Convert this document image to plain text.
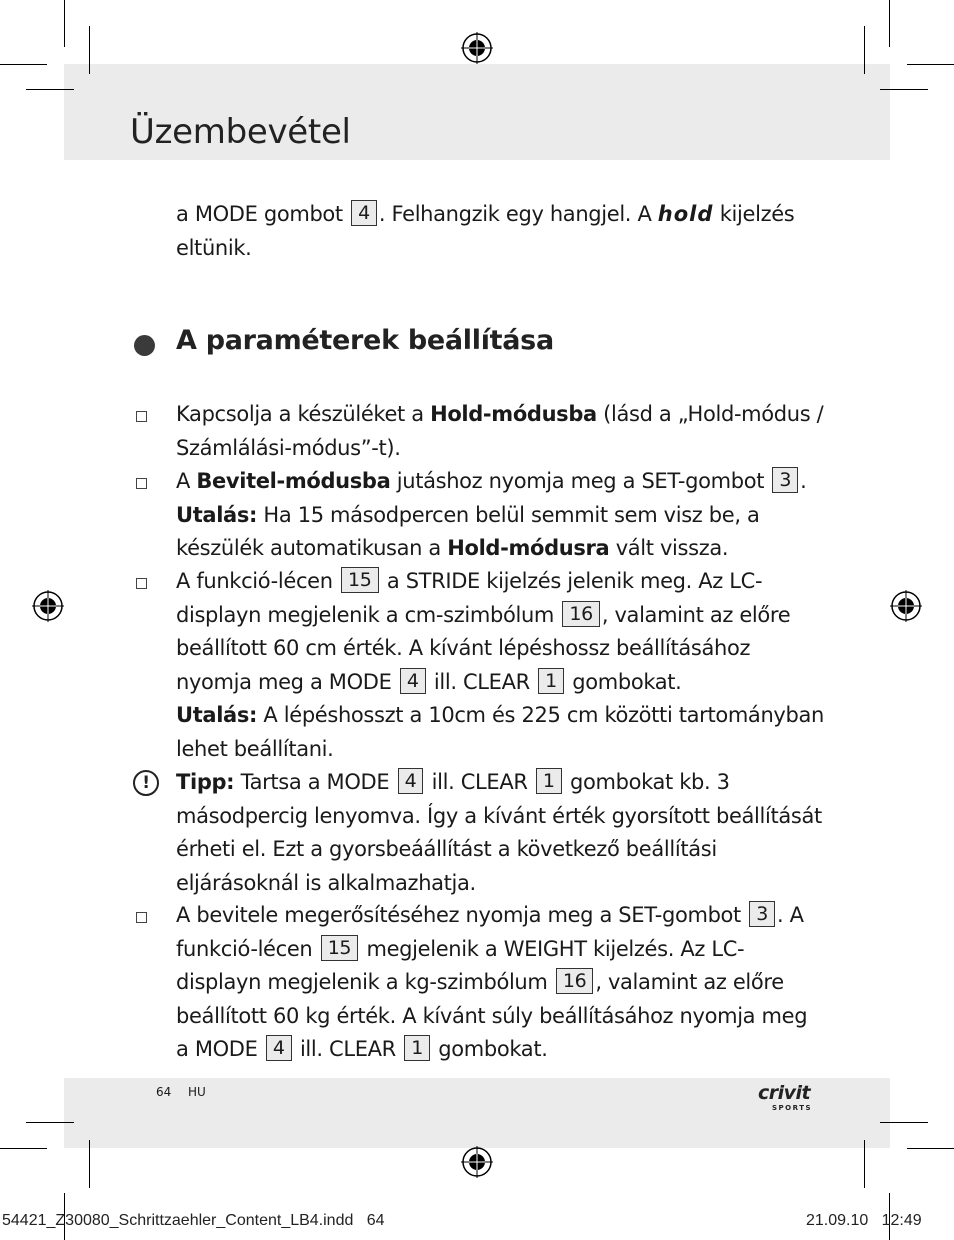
Üzembevétel
a MODE gombot 4 . Felhangzik egy hangjel. A hold kijelzés eltünik.
A paraméterek beállítása
Kapcsolja a készüléket a Hold-módusba (lásd a „Hold-módus / Számlálási-módus”-t).
A Bevitel-módusba jutáshoz nyomja meg a SET-gombot 3 .
Utalás: Ha 15 másodpercen belül semmit sem visz be, a készülék automatikusan a Hold-módusra vált vissza.
A funkció-lécen 15 a STRIDE kijelzés jelenik meg. Az LC-displayn megjelenik a cm-szimbólum 16 , valamint az előre beállított 60 cm érték. A kívánt lépéshossz beállításához nyomja meg a MODE 4 ill. CLEAR 1 gombokat.
Utalás: A lépéshosszt a 10cm és 225 cm közötti tartományban lehet beállítani.
!	Tipp: Tartsa a MODE 4 ill. CLEAR 1 gombokat kb. 3 másodpercig lenyomva. Így a kívánt érték gyorsított beállítását érheti el. Ezt a gyorsbeáállítást a következő beállítási eljárásoknál is alkalmazhatja.
A bevitele megerősítéséhez nyomja meg a SET-gombot 3 . A funkció-lécen 15 megjelenik a WEIGHT kijelzés. Az LC-displayn megjelenik a kg-szimbólum 16 , valamint az előre beállított 60 kg érték. A kívánt súly beállításához nyomja meg a MODE 4 ill. CLEAR 1 gombokat.
64 HU	crivit
SPORTS
54421_Z30080_Schrittzaehler_Content_LB4.indd 64	21.09.10 12:49
